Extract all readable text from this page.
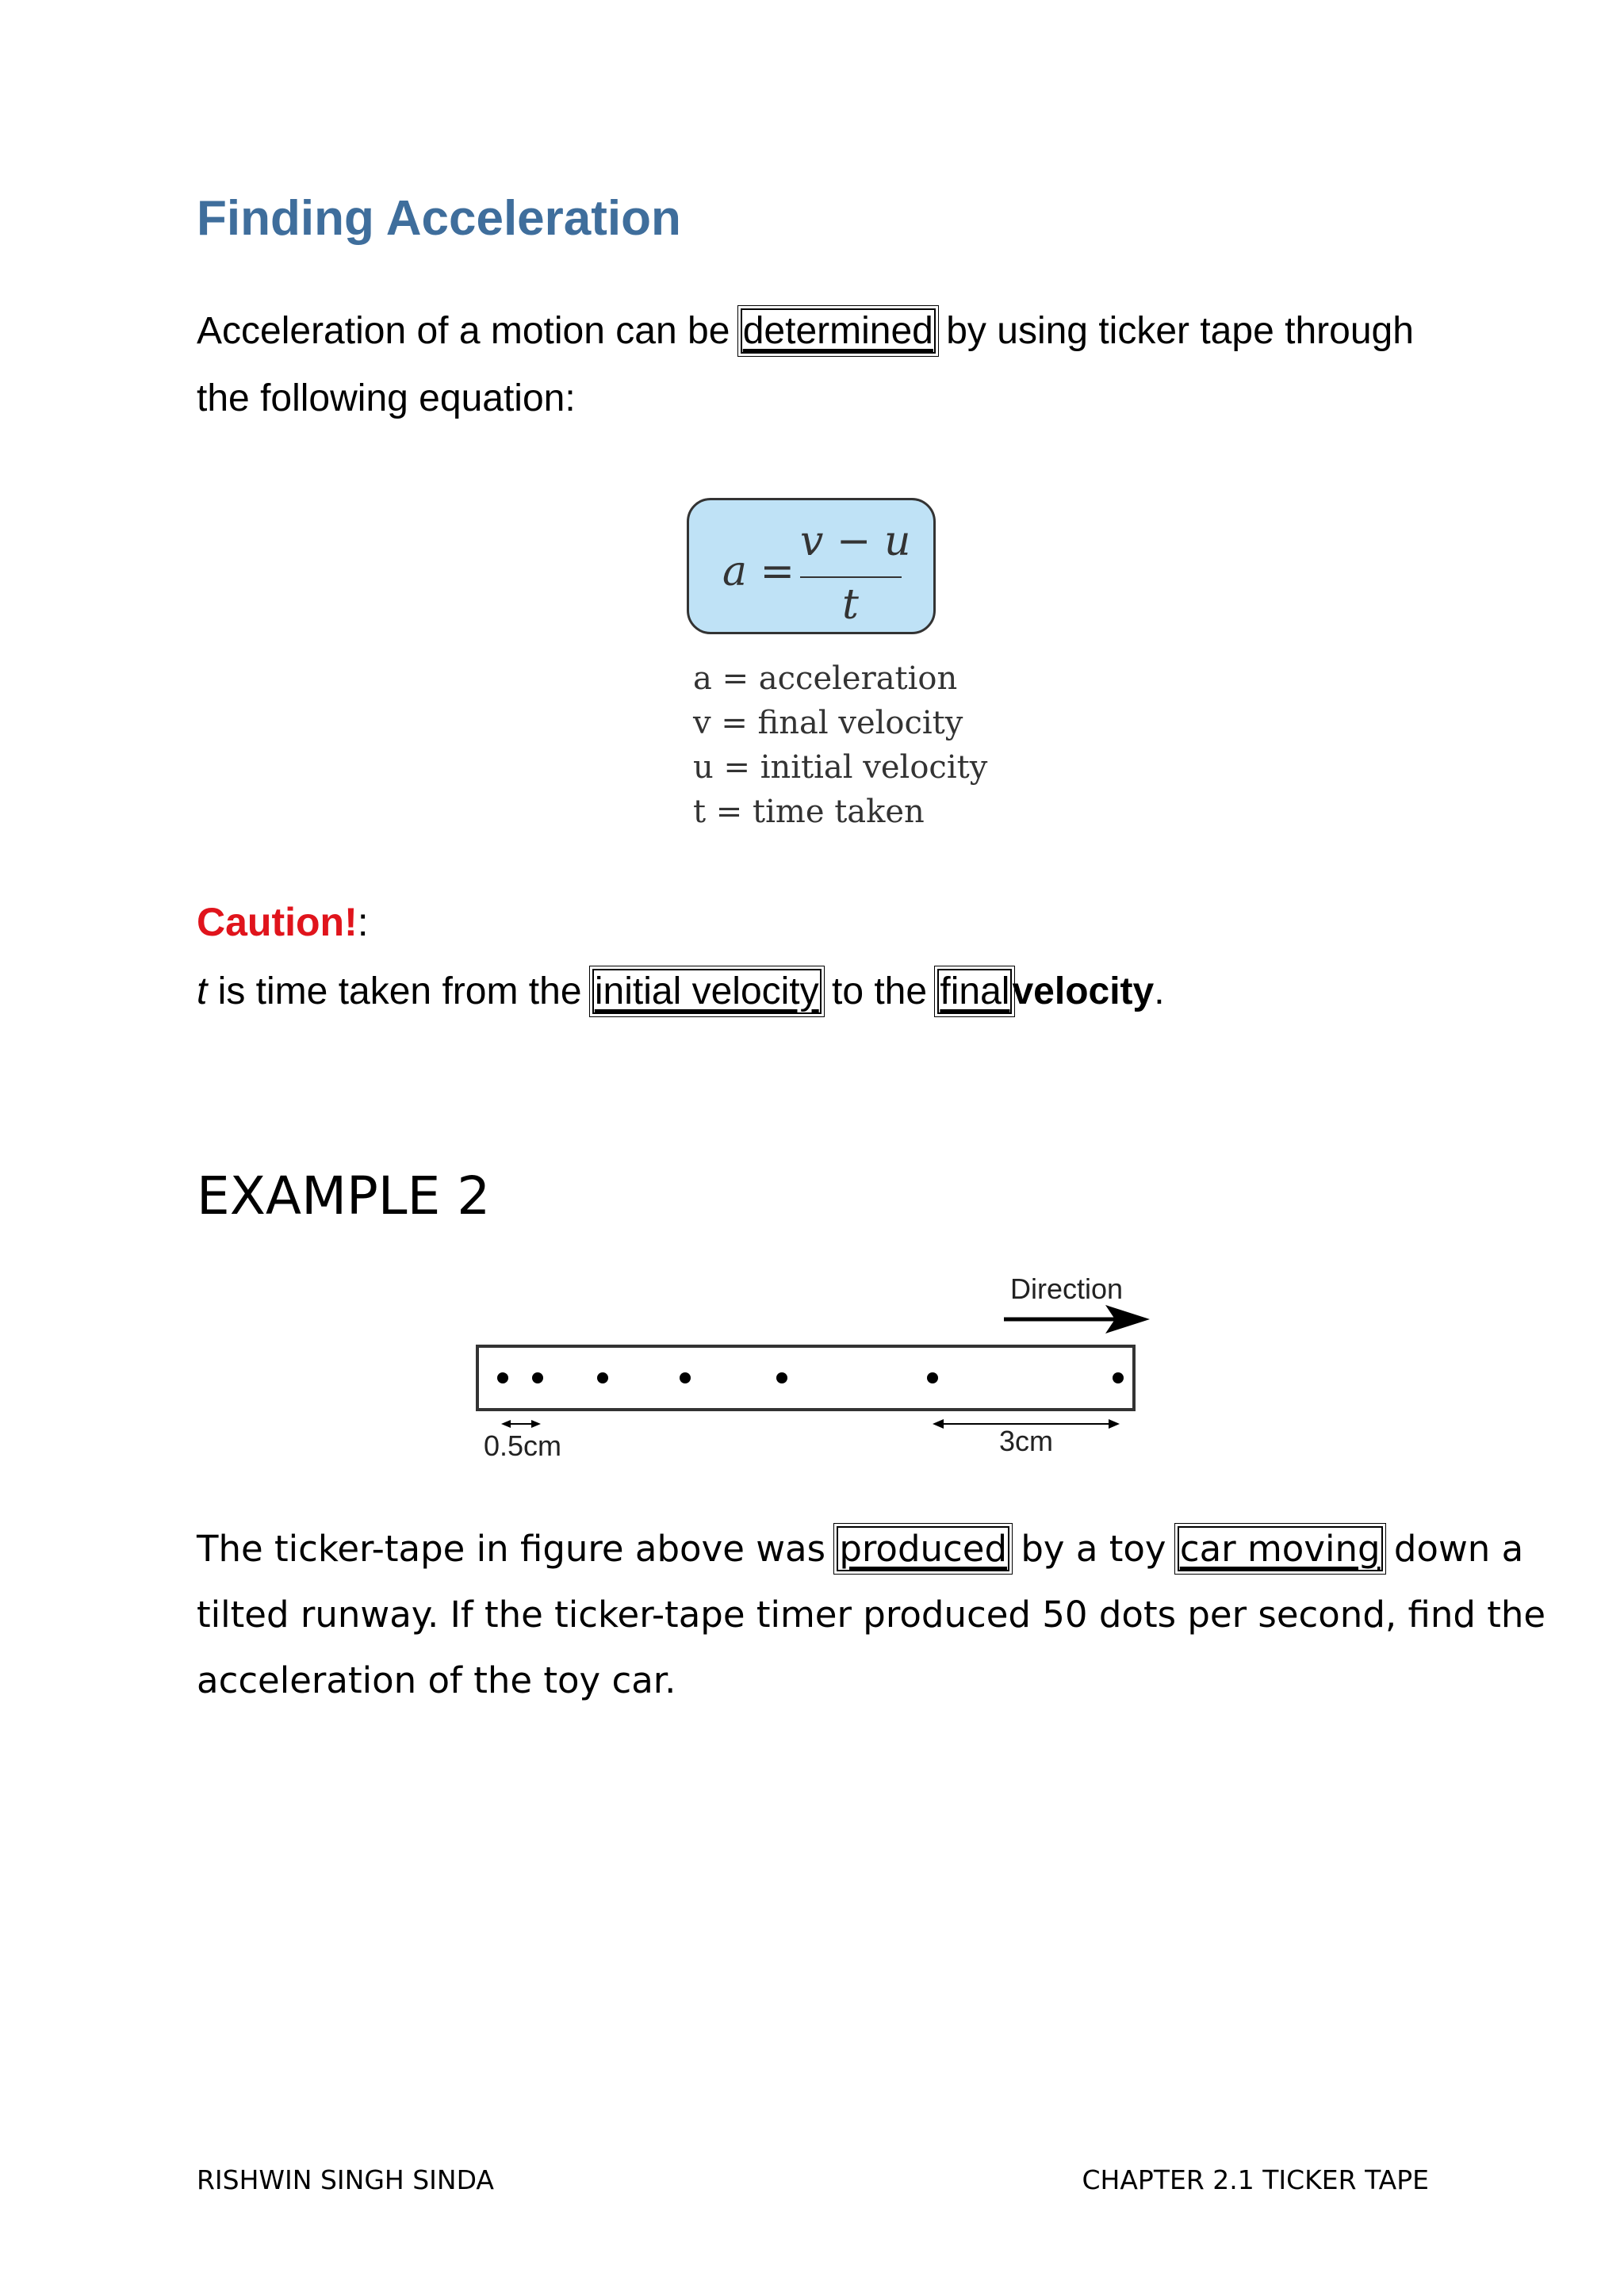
Finding Acceleration
Acceleration of a motion can be determined by using ticker tape through
the following equation:
a =
v − u
t
a = acceleration
v = final velocity
u = initial velocity
t = time taken
Caution!:
t is time taken from the initial velocity to the finalvelocity.
EXAMPLE 2
Direction
0.5cm	3cm
The ticker-tape in figure above was produced by a toy car moving down a
tilted runway. If the ticker-tape timer produced 50 dots per second, find the
acceleration of the toy car.
RISHWIN SINGH SINDA	CHAPTER 2.1 TICKER TAPE
